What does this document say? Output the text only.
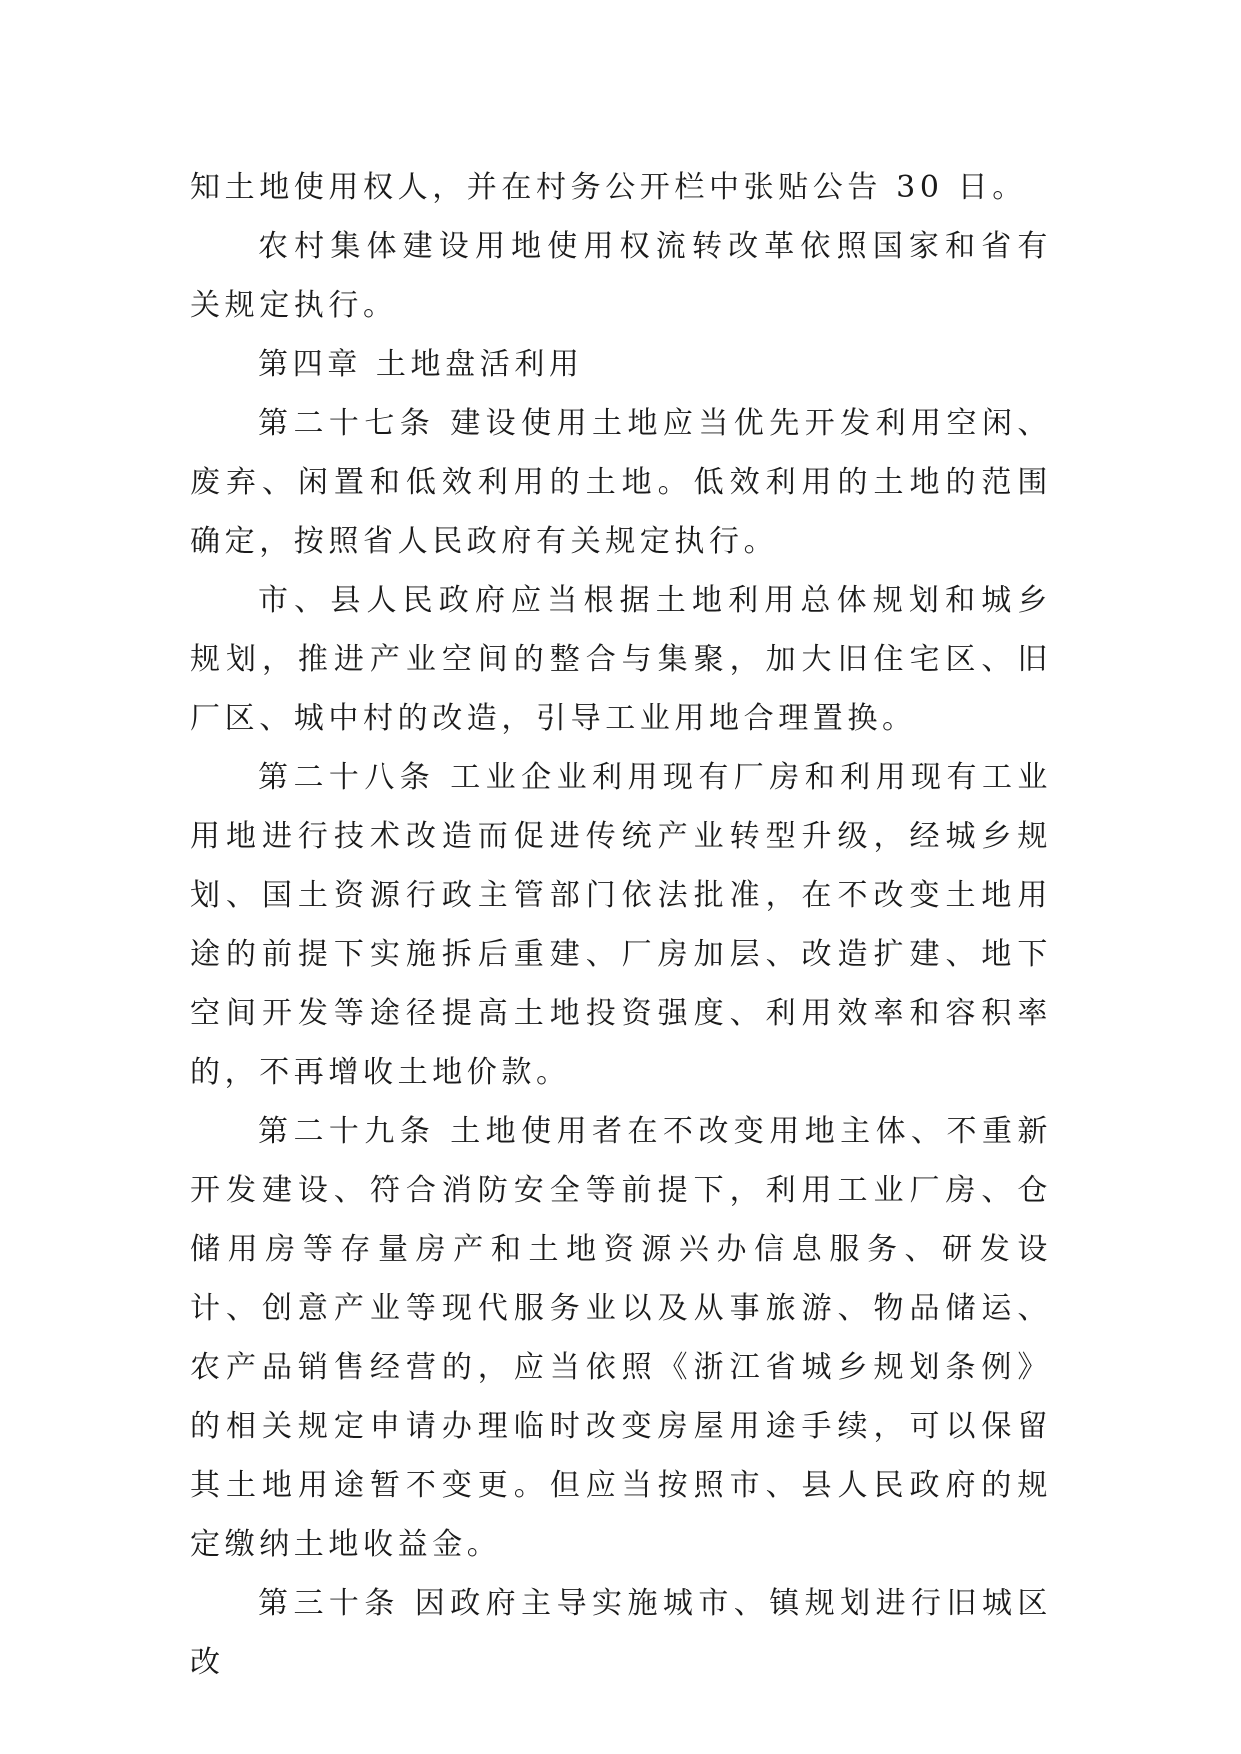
知土地使用权人，并在村务公开栏中张贴公告 30 日。

农村集体建设用地使用权流转改革依照国家和省有关规定执行。

第四章 土地盘活利用

第二十七条 建设使用土地应当优先开发利用空闲、废弃、闲置和低效利用的土地。低效利用的土地的范围确定，按照省人民政府有关规定执行。

市、县人民政府应当根据土地利用总体规划和城乡规划，推进产业空间的整合与集聚，加大旧住宅区、旧厂区、城中村的改造，引导工业用地合理置换。

第二十八条 工业企业利用现有厂房和利用现有工业用地进行技术改造而促进传统产业转型升级，经城乡规划、国土资源行政主管部门依法批准，在不改变土地用途的前提下实施拆后重建、厂房加层、改造扩建、地下空间开发等途径提高土地投资强度、利用效率和容积率的，不再增收土地价款。

第二十九条 土地使用者在不改变用地主体、不重新开发建设、符合消防安全等前提下，利用工业厂房、仓储用房等存量房产和土地资源兴办信息服务、研发设计、创意产业等现代服务业以及从事旅游、物品储运、农产品销售经营的，应当依照《浙江省城乡规划条例》的相关规定申请办理临时改变房屋用途手续，可以保留其土地用途暂不变更。但应当按照市、县人民政府的规定缴纳土地收益金。

第三十条 因政府主导实施城市、镇规划进行旧城区改
